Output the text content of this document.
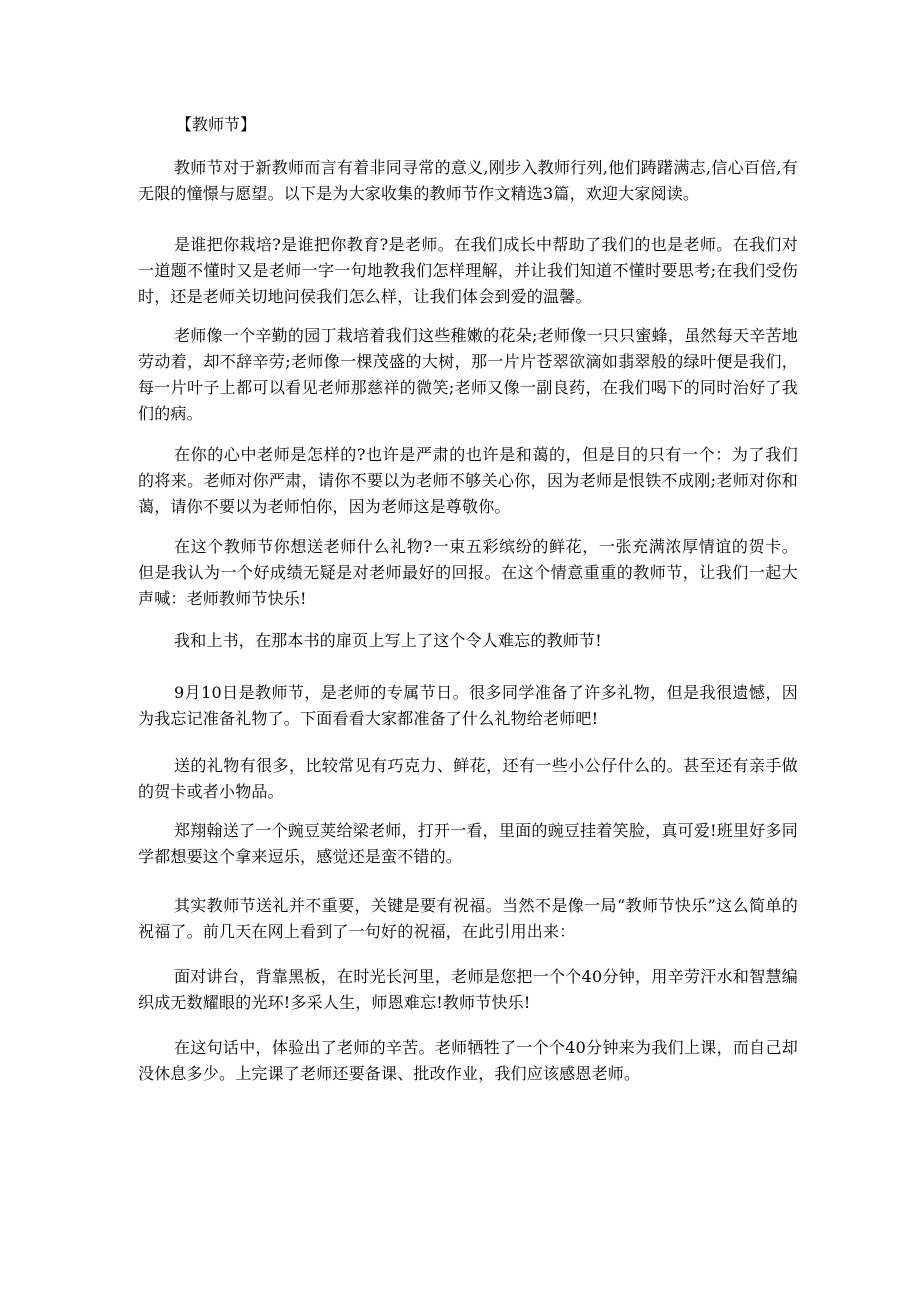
【教师节】

教师节对于新教师而言有着非同寻常的意义,刚步入教师行列,他们踌躇满志,信心百倍,有无限的憧憬与愿望。以下是为大家收集的教师节作文精选3篇，欢迎大家阅读。

是谁把你栽培?是谁把你教育?是老师。在我们成长中帮助了我们的也是老师。在我们对一道题不懂时又是老师一字一句地教我们怎样理解，并让我们知道不懂时要思考;在我们受伤时，还是老师关切地问侯我们怎么样，让我们体会到爱的温馨。

老师像一个辛勤的园丁栽培着我们这些稚嫩的花朵;老师像一只只蜜蜂，虽然每天辛苦地劳动着，却不辞辛劳;老师像一棵茂盛的大树，那一片片苍翠欲滴如翡翠般的绿叶便是我们，每一片叶子上都可以看见老师那慈祥的微笑;老师又像一副良药，在我们喝下的同时治好了我们的病。

在你的心中老师是怎样的?也许是严肃的也许是和蔼的，但是目的只有一个：为了我们的将来。老师对你严肃，请你不要以为老师不够关心你，因为老师是恨铁不成刚;老师对你和蔼，请你不要以为老师怕你，因为老师这是尊敬你。

在这个教师节你想送老师什么礼物?一束五彩缤纷的鲜花，一张充满浓厚情谊的贺卡。但是我认为一个好成绩无疑是对老师最好的回报。在这个情意重重的教师节，让我们一起大声喊：老师教师节快乐!

我和上书，在那本书的扉页上写上了这个令人难忘的教师节!

9月10日是教师节，是老师的专属节日。很多同学准备了许多礼物，但是我很遗憾，因为我忘记准备礼物了。下面看看大家都准备了什么礼物给老师吧!

送的礼物有很多，比较常见有巧克力、鲜花，还有一些小公仔什么的。甚至还有亲手做的贺卡或者小物品。

郑翔翰送了一个豌豆荚给梁老师，打开一看，里面的豌豆挂着笑脸，真可爱!班里好多同学都想要这个拿来逗乐，感觉还是蛮不错的。

其实教师节送礼并不重要，关键是要有祝福。当然不是像一局“教师节快乐”这么简单的祝福了。前几天在网上看到了一句好的祝福，在此引用出来：

面对讲台，背靠黑板，在时光长河里，老师是您把一个个40分钟，用辛劳汗水和智慧编织成无数耀眼的光环!多采人生，师恩难忘!教师节快乐!

在这句话中，体验出了老师的辛苦。老师牺牲了一个个40分钟来为我们上课，而自己却没休息多少。上完课了老师还要备课、批改作业，我们应该感恩老师。
